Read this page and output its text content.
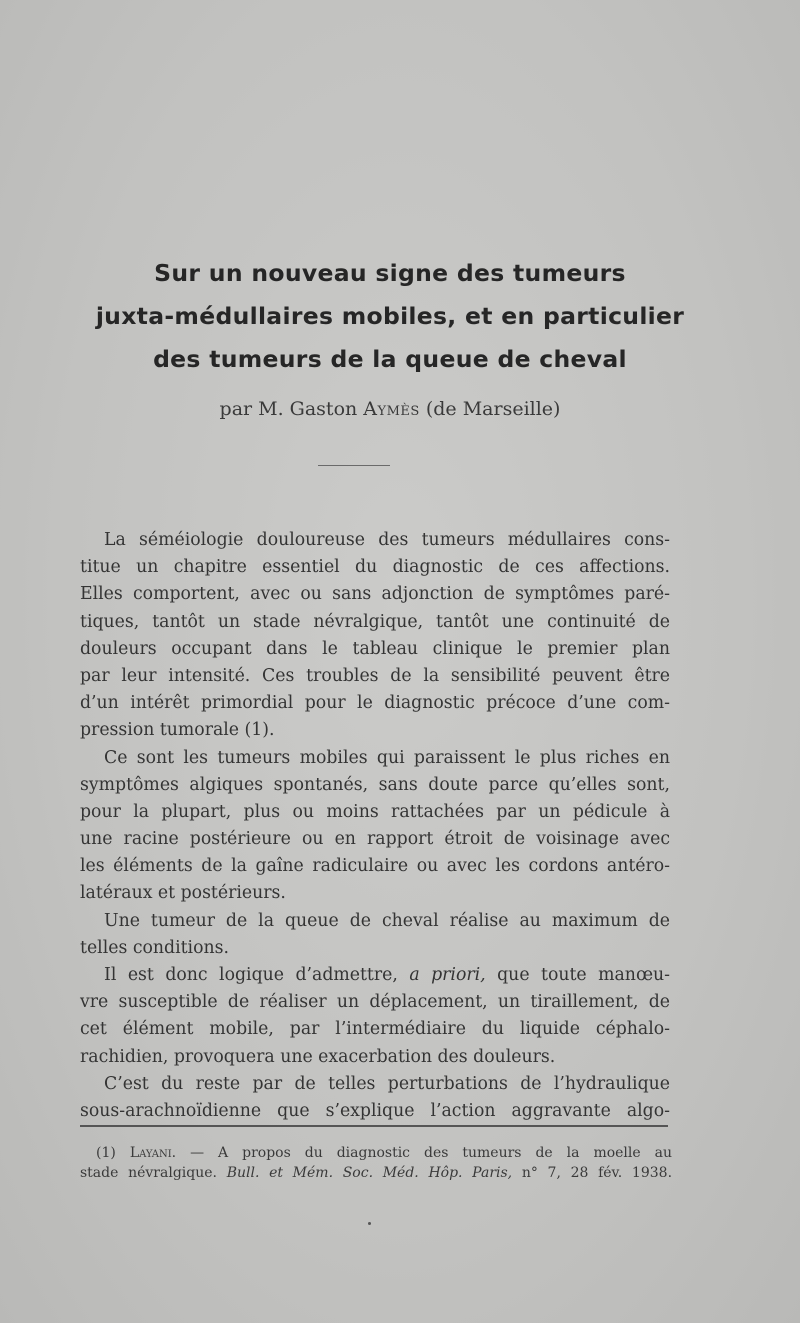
Sur un nouveau signe des tumeurs
juxta-médullaires mobiles, et en particulier
des tumeurs de la queue de cheval
par M. Gaston Aymès (de Marseille)
La séméiologie douloureuse des tumeurs médullaires cons-
titue un chapitre essentiel du diagnostic de ces affections.
Elles comportent, avec ou sans adjonction de symptômes paré-
tiques, tantôt un stade névralgique, tantôt une continuité de
douleurs occupant dans le tableau clinique le premier plan
par leur intensité. Ces troubles de la sensibilité peuvent être
d’un intérêt primordial pour le diagnostic précoce d’une com-
pression tumorale (1).
Ce sont les tumeurs mobiles qui paraissent le plus riches en
symptômes algiques spontanés, sans doute parce qu’elles sont,
pour la plupart, plus ou moins rattachées par un pédicule à
une racine postérieure ou en rapport étroit de voisinage avec
les éléments de la gaîne radiculaire ou avec les cordons antéro-
latéraux et postérieurs.
Une tumeur de la queue de cheval réalise au maximum de
telles conditions.
Il est donc logique d’admettre, a priori, que toute manœu-
vre susceptible de réaliser un déplacement, un tiraillement, de
cet élément mobile, par l’intermédiaire du liquide céphalo-
rachidien, provoquera une exacerbation des douleurs.
C’est du reste par de telles perturbations de l’hydraulique
sous-arachnoïdienne que s’explique l’action aggravante algo-
(1) Layani. — A propos du diagnostic des tumeurs de la moelle au
stade névralgique. Bull. et Mém. Soc. Méd. Hôp. Paris, n° 7, 28 fév. 1938.
